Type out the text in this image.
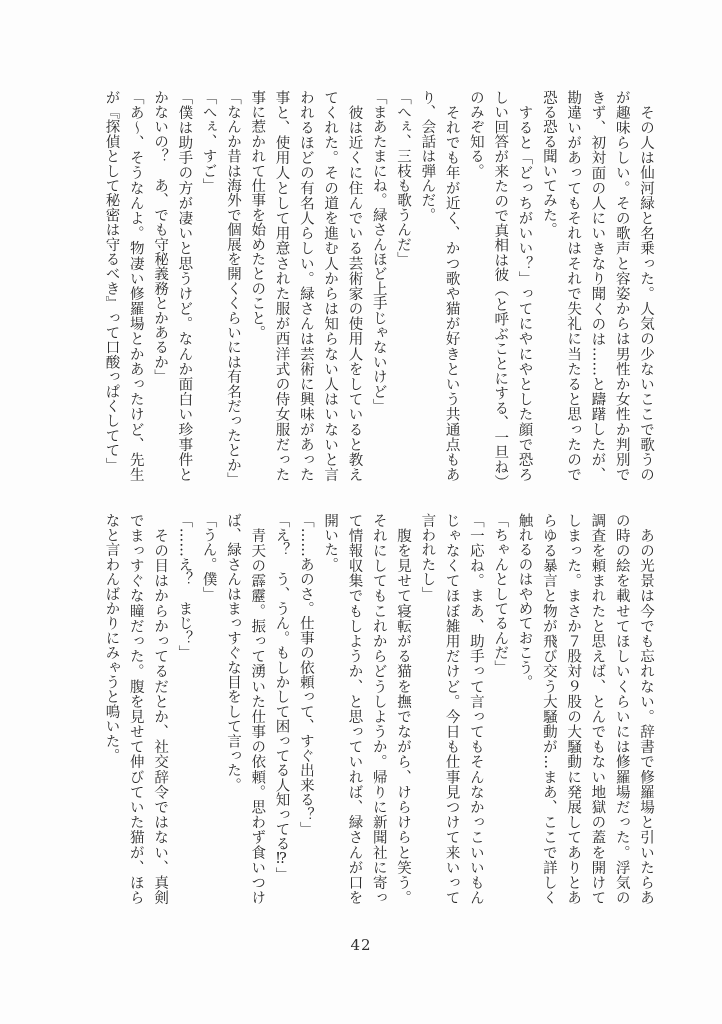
　その人は仙河緑と名乗った。人気の少ないここで歌うのが趣味らしい。その歌声と容姿からは男性か女性か判別できず、初対面の人にいきなり聞くのは……と躊躇したが、勘違いがあってもそれはそれで失礼に当たると思ったので恐る恐る聞いてみた。

　すると「どっちがいい？」ってにやにやとした顔で恐ろしい回答が来たので真相は彼（と呼ぶことにする、一旦ね）のみぞ知る。

　それでも年が近く、かつ歌や猫が好きという共通点もあり、会話は弾んだ。

「へぇ、三枝も歌うんだ」

「まあたまにね。緑さんほど上手じゃないけど」

　彼は近くに住んでいる芸術家の使用人をしていると教えてくれた。その道を進む人からは知らない人はいないと言われるほどの有名人らしい。緑さんは芸術に興味があった事と、使用人として用意された服が西洋式の侍女服だった事に惹かれて仕事を始めたとのこと。

「なんか昔は海外で個展を開くくらいには有名だったとか」

「へぇ、すご」

「僕は助手の方が凄いと思うけど。なんか面白い珍事件とかないの？　あ、でも守秘義務とかあるか」

「あ〜、そうなんよ。物凄い修羅場とかあったけど、先生が『探偵として秘密は守るべき』って口酸っぱくしてて」

　あの光景は今でも忘れない。辞書で修羅場と引いたらあの時の絵を載せてほしいくらいには修羅場だった。浮気の調査を頼まれたと思えば、とんでもない地獄の蓋を開けてしまった。まさか７股対９股の大騒動に発展してありとあらゆる暴言と物が飛び交う大騒動が…まあ、ここで詳しく触れるのはやめておこう。

「ちゃんとしてるんだ」

「一応ね。まあ、助手って言ってもそんなかっこいいもんじゃなくてほぼ雑用だけど。今日も仕事見つけて来いって言われたし」

　腹を見せて寝転がる猫を撫でながら、けらけらと笑う。それにしてもこれからどうしようか。帰りに新聞社に寄って情報収集でもしようか、と思っていれば、緑さんが口を開いた。

「……あのさ。仕事の依頼って、すぐ出来る？」

「え？　う、うん。もしかして困ってる人知ってる⁉」

　青天の霹靂。振って湧いた仕事の依頼。思わず食いつけば、緑さんはまっすぐな目をして言った。

「うん。僕」

「……え？　まじ？」

　その目はからかってるだとか、社交辞令ではない、真剣でまっすぐな瞳だった。腹を見せて伸びていた猫が、ほらなと言わんばかりにみゃうと鳴いた。

42
